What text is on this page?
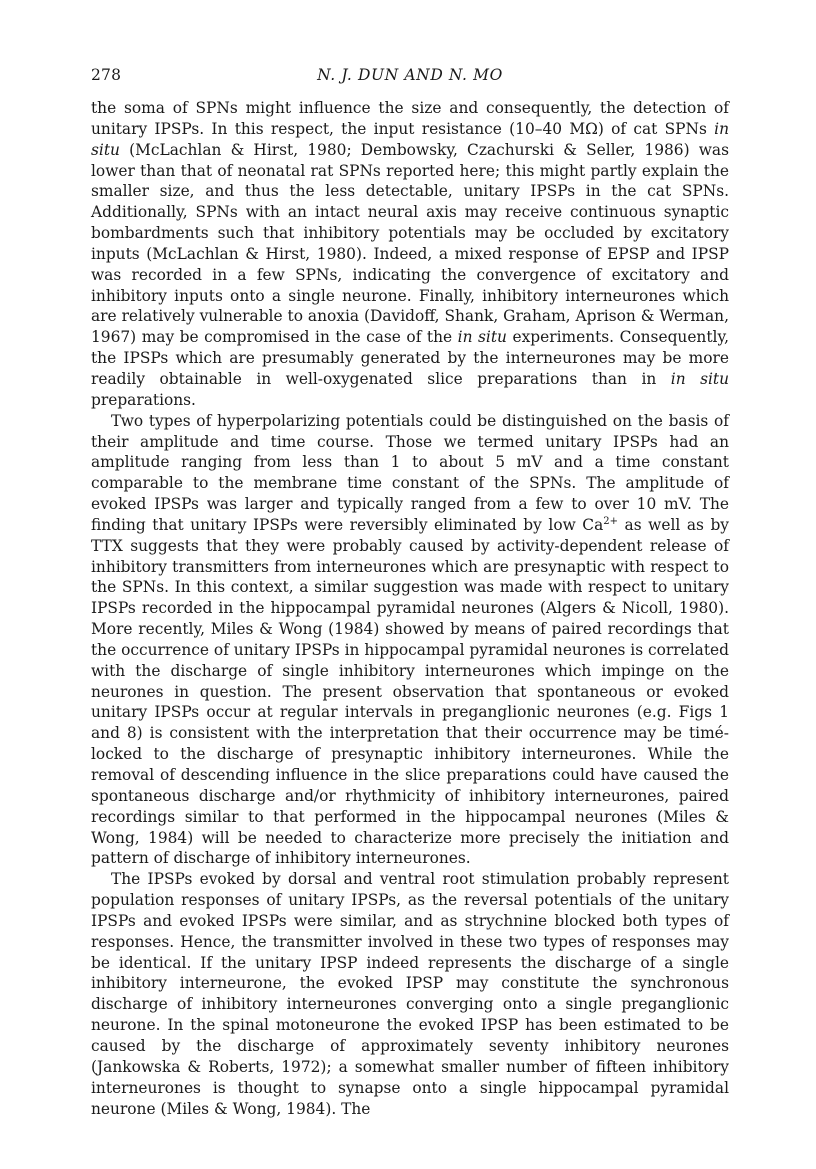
278	N. J. DUN AND N. MO

the soma of SPNs might influence the size and consequently, the detection of unitary IPSPs. In this respect, the input resistance (10–40 MΩ) of cat SPNs in situ (McLachlan & Hirst, 1980; Dembowsky, Czachurski & Seller, 1986) was lower than that of neonatal rat SPNs reported here; this might partly explain the smaller size, and thus the less detectable, unitary IPSPs in the cat SPNs. Additionally, SPNs with an intact neural axis may receive continuous synaptic bombardments such that inhibitory potentials may be occluded by excitatory inputs (McLachlan & Hirst, 1980). Indeed, a mixed response of EPSP and IPSP was recorded in a few SPNs, indicating the convergence of excitatory and inhibitory inputs onto a single neurone. Finally, inhibitory interneurones which are relatively vulnerable to anoxia (Davidoff, Shank, Graham, Aprison & Werman, 1967) may be compromised in the case of the in situ experiments. Consequently, the IPSPs which are presumably generated by the interneurones may be more readily obtainable in well-oxygenated slice preparations than in in situ preparations.

Two types of hyperpolarizing potentials could be distinguished on the basis of their amplitude and time course. Those we termed unitary IPSPs had an amplitude ranging from less than 1 to about 5 mV and a time constant comparable to the membrane time constant of the SPNs. The amplitude of evoked IPSPs was larger and typically ranged from a few to over 10 mV. The finding that unitary IPSPs were reversibly eliminated by low $Ca^{2+}$ as well as by TTX suggests that they were probably caused by activity-dependent release of inhibitory transmitters from interneurones which are presynaptic with respect to the SPNs. In this context, a similar suggestion was made with respect to unitary IPSPs recorded in the hippocampal pyramidal neurones (Algers & Nicoll, 1980). More recently, Miles & Wong (1984) showed by means of paired recordings that the occurrence of unitary IPSPs in hippocampal pyramidal neurones is correlated with the discharge of single inhibitory interneurones which impinge on the neurones in question. The present observation that spontaneous or evoked unitary IPSPs occur at regular intervals in preganglionic neurones (e.g. Figs 1 and 8) is consistent with the interpretation that their occurrence may be timé-locked to the discharge of presynaptic inhibitory interneurones. While the removal of descending influence in the slice preparations could have caused the spontaneous discharge and/or rhythmicity of inhibitory interneurones, paired recordings similar to that performed in the hippocampal neurones (Miles & Wong, 1984) will be needed to characterize more precisely the initiation and pattern of discharge of inhibitory interneurones.

The IPSPs evoked by dorsal and ventral root stimulation probably represent population responses of unitary IPSPs, as the reversal potentials of the unitary IPSPs and evoked IPSPs were similar, and as strychnine blocked both types of responses. Hence, the transmitter involved in these two types of responses may be identical. If the unitary IPSP indeed represents the discharge of a single inhibitory interneurone, the evoked IPSP may constitute the synchronous discharge of inhibitory interneurones converging onto a single preganglionic neurone. In the spinal motoneurone the evoked IPSP has been estimated to be caused by the discharge of approximately seventy inhibitory neurones (Jankowska & Roberts, 1972); a somewhat smaller number of fifteen inhibitory interneurones is thought to synapse onto a single hippocampal pyramidal neurone (Miles & Wong, 1984). The
